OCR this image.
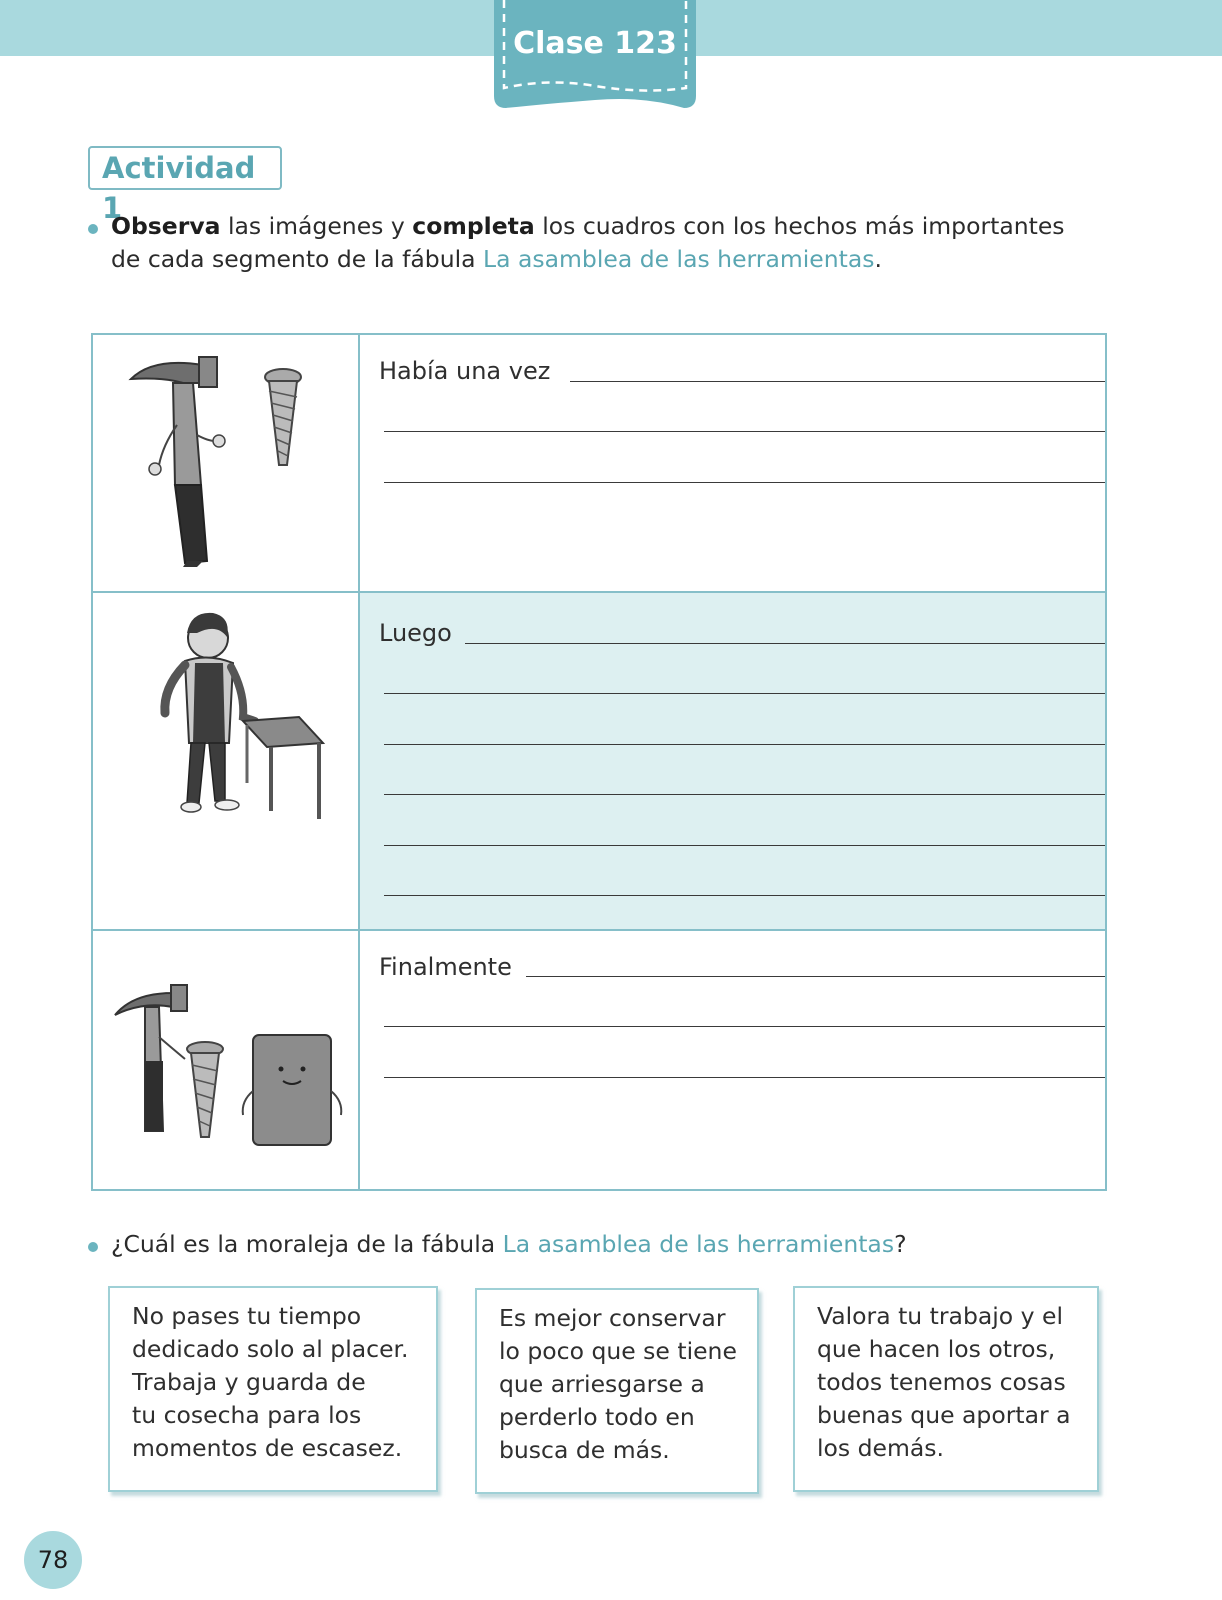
Clase 123
Actividad 1
Observa las imágenes y completa los cuadros con los hechos más importantes de cada segmento de la fábula La asamblea de las herramientas.
Había una vez
Luego
Finalmente
¿Cuál es la moraleja de la fábula La asamblea de las herramientas?
No pases tu tiempo
dedicado solo al placer.
Trabaja y guarda de
tu cosecha para los
momentos de escasez.
Es mejor conservar
lo poco que se tiene
que arriesgarse a
perderlo todo en
busca de más.
Valora tu trabajo y el
que hacen los otros,
todos tenemos cosas
buenas que aportar a
los demás.
78
